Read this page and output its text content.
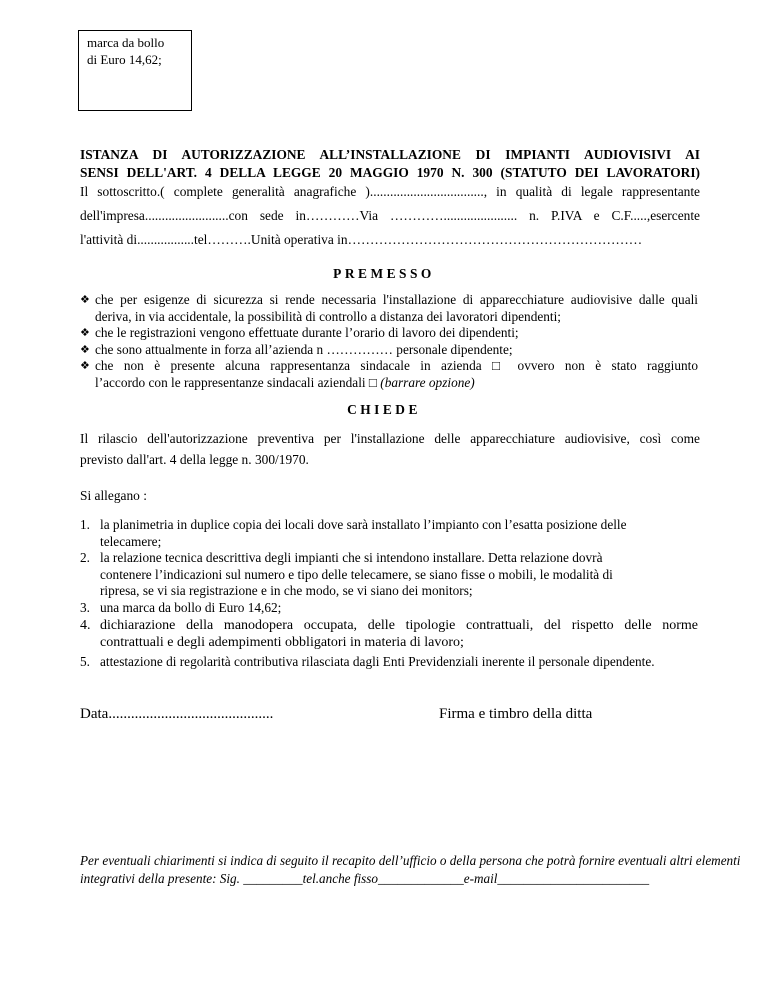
marca da bollo
di Euro 14,62;
ISTANZA DI AUTORIZZAZIONE ALL’INSTALLAZIONE DI IMPIANTI AUDIOVISIVI AI
SENSI DELL'ART. 4 DELLA LEGGE 20 MAGGIO 1970 N. 300 (STATUTO DEI LAVORATORI)
Il sottoscritto.( complete generalità anagrafiche ).................................., in qualità di legale rappresentante
dell'impresa.........................con sede in…………Via …………...................... n. P.IVA e C.F.....,esercente
l'attività di.................tel……….Unità operativa in…………………………………………………………
PREMESSO
❖ che per esigenze di sicurezza si rende necessaria l'installazione di apparecchiature audiovisive dalle quali
deriva, in via accidentale, la possibilità di controllo a distanza dei lavoratori dipendenti;
❖ che le registrazioni vengono effettuate durante l’orario di lavoro dei dipendenti;
❖ che sono attualmente in forza all’azienda n …………… personale dipendente;
❖ che non è presente alcuna rappresentanza sindacale in azienda □ ovvero non è stato raggiunto
l’accordo con le rappresentanze sindacali aziendali □ (barrare opzione)
CHIEDE
Il rilascio dell'autorizzazione preventiva per l'installazione delle apparecchiature audiovisive, così come
previsto dall'art. 4 della legge n. 300/1970.
Si allegano :
1. la planimetria in duplice copia dei locali dove sarà installato l’impianto con l’esatta posizione delle
telecamere;
2. la relazione tecnica descrittiva degli impianti che si intendono installare. Detta relazione dovrà
contenere l’indicazioni sul numero e tipo delle telecamere, se siano fisse o mobili, le modalità di
ripresa, se vi sia registrazione e in che modo, se vi siano dei monitors;
3. una marca da bollo di Euro 14,62;
4. dichiarazione della manodopera occupata, delle tipologie contrattuali, del rispetto delle norme
contrattuali e degli adempimenti obbligatori in materia di lavoro;
5. attestazione di regolarità contributiva rilasciata dagli Enti Previdenziali inerente il personale dipendente.
Data............................................	Firma e timbro della ditta
Per eventuali chiarimenti si indica di seguito il recapito dell’ufficio o della persona che potrà fornire eventuali altri elementi
integrativi della presente: Sig. _________tel.anche fisso_____________e-mail_______________________
